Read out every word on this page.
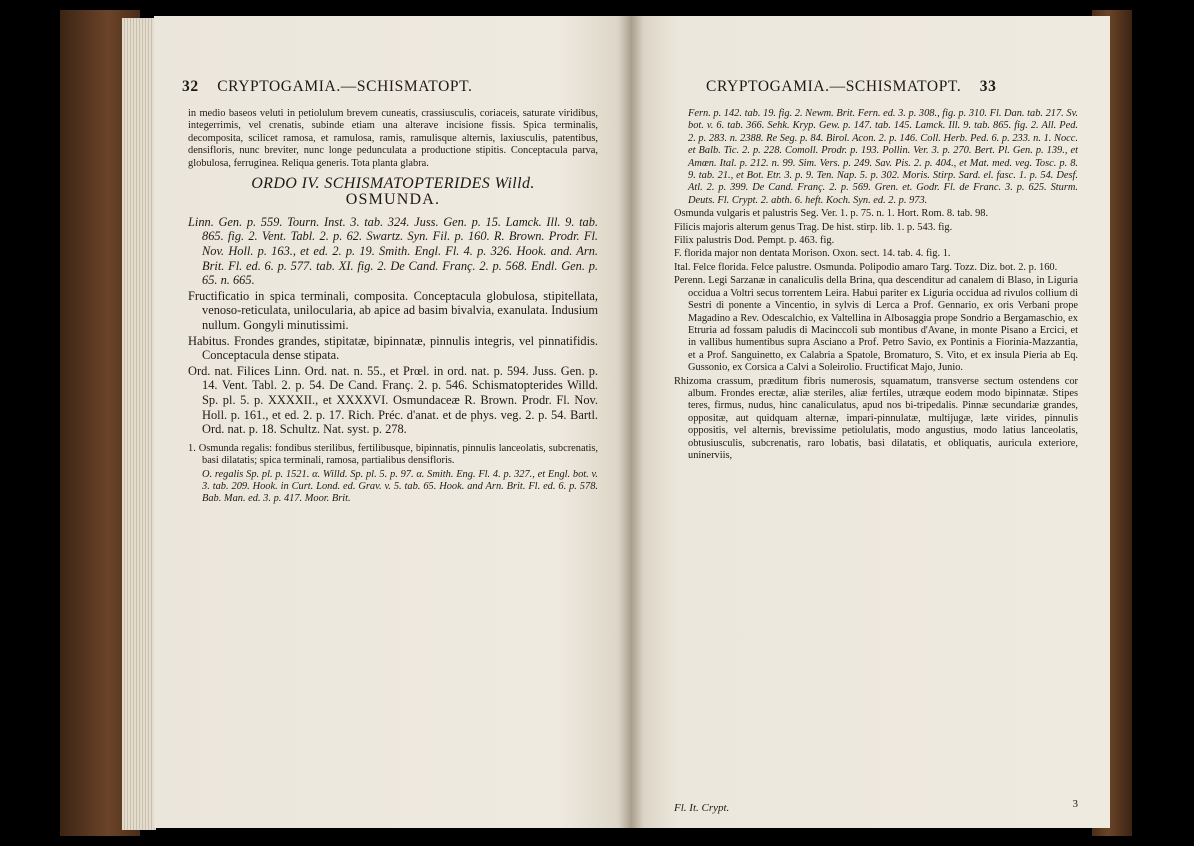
32 CRYPTOGAMIA.—SCHISMATOPT.

in medio baseos veluti in petiolulum brevem cuneatis, crassiusculis, coriaceis, saturate viridibus, integerrimis, vel crenatis, subinde etiam una alterave incisione fissis. Spica terminalis, decomposita, scilicet ramosa, et ramulosa, ramis, ramulisque alternis, laxiusculis, patentibus, densifloris, nunc breviter, nunc longe pedunculata a productione stipitis. Conceptacula parva, globulosa, ferruginea. Reliqua generis. Tota planta glabra.

ORDO IV. SCHISMATOPTERIDES Willd.
OSMUNDA.

Linn. Gen. p. 559. Tourn. Inst. 3. tab. 324. Juss. Gen. p. 15. Lamck. Ill. 9. tab. 865. fig. 2. Vent. Tabl. 2. p. 62. Swartz. Syn. Fil. p. 160. R. Brown. Prodr. Fl. Nov. Holl. p. 163., et ed. 2. p. 19. Smith. Engl. Fl. 4. p. 326. Hook. and. Arn. Brit. Fl. ed. 6. p. 577. tab. XI. fig. 2. De Cand. Franç. 2. p. 568. Endl. Gen. p. 65. n. 665.

Fructificatio in spica terminali, composita. Conceptacula globulosa, stipitellata, venoso-reticulata, unilocularia, ab apice ad basim bivalvia, exanulata. Indusium nullum. Gongyli minutissimi.

Habitus. Frondes grandes, stipitatæ, bipinnatæ, pinnulis integris, vel pinnatifidis. Conceptacula dense stipata.

Ord. nat. Filices Linn. Ord. nat. n. 55., et Prœl. in ord. nat. p. 594. Juss. Gen. p. 14. Vent. Tabl. 2. p. 54. De Cand. Franç. 2. p. 546. Schismatopterides Willd. Sp. pl. 5. p. XXXXII., et XXXXVI. Osmundaceæ R. Brown. Prodr. Fl. Nov. Holl. p. 161., et ed. 2. p. 17. Rich. Préc. d'anat. et de phys. veg. 2. p. 54. Bartl. Ord. nat. p. 18. Schultz. Nat. syst. p. 278.

1. Osmunda regalis: fondibus sterilibus, fertilibusque, bipinnatis, pinnulis lanceolatis, subcrenatis, basi dilatatis; spica terminali, ramosa, partialibus densifloris.

O. regalis Sp. pl. p. 1521. α. Willd. Sp. pl. 5. p. 97. α. Smith. Eng. Fl. 4. p. 327., et Engl. bot. v. 3. tab. 209. Hook. in Curt. Lond. ed. Grav. v. 5. tab. 65. Hook. and Arn. Brit. Fl. ed. 6. p. 578. Bab. Man. ed. 3. p. 417. Moor. Brit.

CRYPTOGAMIA.—SCHISMATOPT. 33

Fern. p. 142. tab. 19. fig. 2. Newm. Brit. Fern. ed. 3. p. 308., fig. p. 310. Fl. Dan. tab. 217. Sv. bot. v. 6. tab. 366. Sehk. Kryp. Gew. p. 147. tab. 145. Lamck. Ill. 9. tab. 865. fig. 2. All. Ped. 2. p. 283. n. 2388. Re Seg. p. 84. Birol. Acon. 2. p. 146. Coll. Herb. Ped. 6. p. 233. n. 1. Nocc. et Balb. Tic. 2. p. 228. Comoll. Prodr. p. 193. Pollin. Ver. 3. p. 270. Bert. Pl. Gen. p. 139., et Amœn. Ital. p. 212. n. 99. Sim. Vers. p. 249. Sav. Pis. 2. p. 404., et Mat. med. veg. Tosc. p. 8. 9. tab. 21., et Bot. Etr. 3. p. 9. Ten. Nap. 5. p. 302. Moris. Stirp. Sard. el. fasc. 1. p. 54. Desf. Atl. 2. p. 399. De Cand. Franç. 2. p. 569. Gren. et. Godr. Fl. de Franc. 3. p. 625. Sturm. Deuts. Fl. Crypt. 2. abth. 6. heft. Koch. Syn. ed. 2. p. 973.

Osmunda vulgaris et palustris Seg. Ver. 1. p. 75. n. 1. Hort. Rom. 8. tab. 98.

Filicis majoris alterum genus Trag. De hist. stirp. lib. 1. p. 543. fig.

Filix palustris Dod. Pempt. p. 463. fig.

F. florida major non dentata Morison. Oxon. sect. 14. tab. 4. fig. 1.

Ital. Felce florida. Felce palustre. Osmunda. Polipodio amaro Targ. Tozz. Diz. bot. 2. p. 160.

Perenn. Legi Sarzanæ in canaliculis della Brina, qua descenditur ad canalem di Blaso, in Liguria occidua a Voltri secus torrentem Leira. Habui pariter ex Liguria occidua ad rivulos collium di Sestri di ponente a Vincentio, in sylvis di Lerca a Prof. Gennario, ex oris Verbani prope Magadino a Rev. Odescalchio, ex Valtellina in Albosaggia prope Sondrio a Bergamaschio, ex Etruria ad fossam paludis di Macinccoli sub montibus d'Avane, in monte Pisano a Ercici, et in vallibus humentibus supra Asciano a Prof. Petro Savio, ex Pontinis a Fiorinia-Mazzantia, et a Prof. Sanguinetto, ex Calabria a Spatole, Bromaturo, S. Vito, et ex insula Pieria ab Eq. Gussonio, ex Corsica a Calvi a Soleirolio. Fructificat Majo, Junio.

Rhizoma crassum, præditum fibris numerosis, squamatum, transverse sectum ostendens cor album. Frondes erectæ, aliæ steriles, aliæ fertiles, utræque eodem modo bipinnatæ. Stipes teres, firmus, nudus, hinc canaliculatus, apud nos bi-tripedalis. Pinnæ secundariæ grandes, oppositæ, aut quidquam alternæ, impari-pinnulatæ, multijugæ, læte virides, pinnulis oppositis, vel alternis, brevissime petiolulatis, modo angustius, modo latius lanceolatis, obtusiusculis, subcrenatis, raro lobatis, basi dilatatis, et obliquatis, auricula exteriore, uninerviis,

Fl. It. Crypt.	3
